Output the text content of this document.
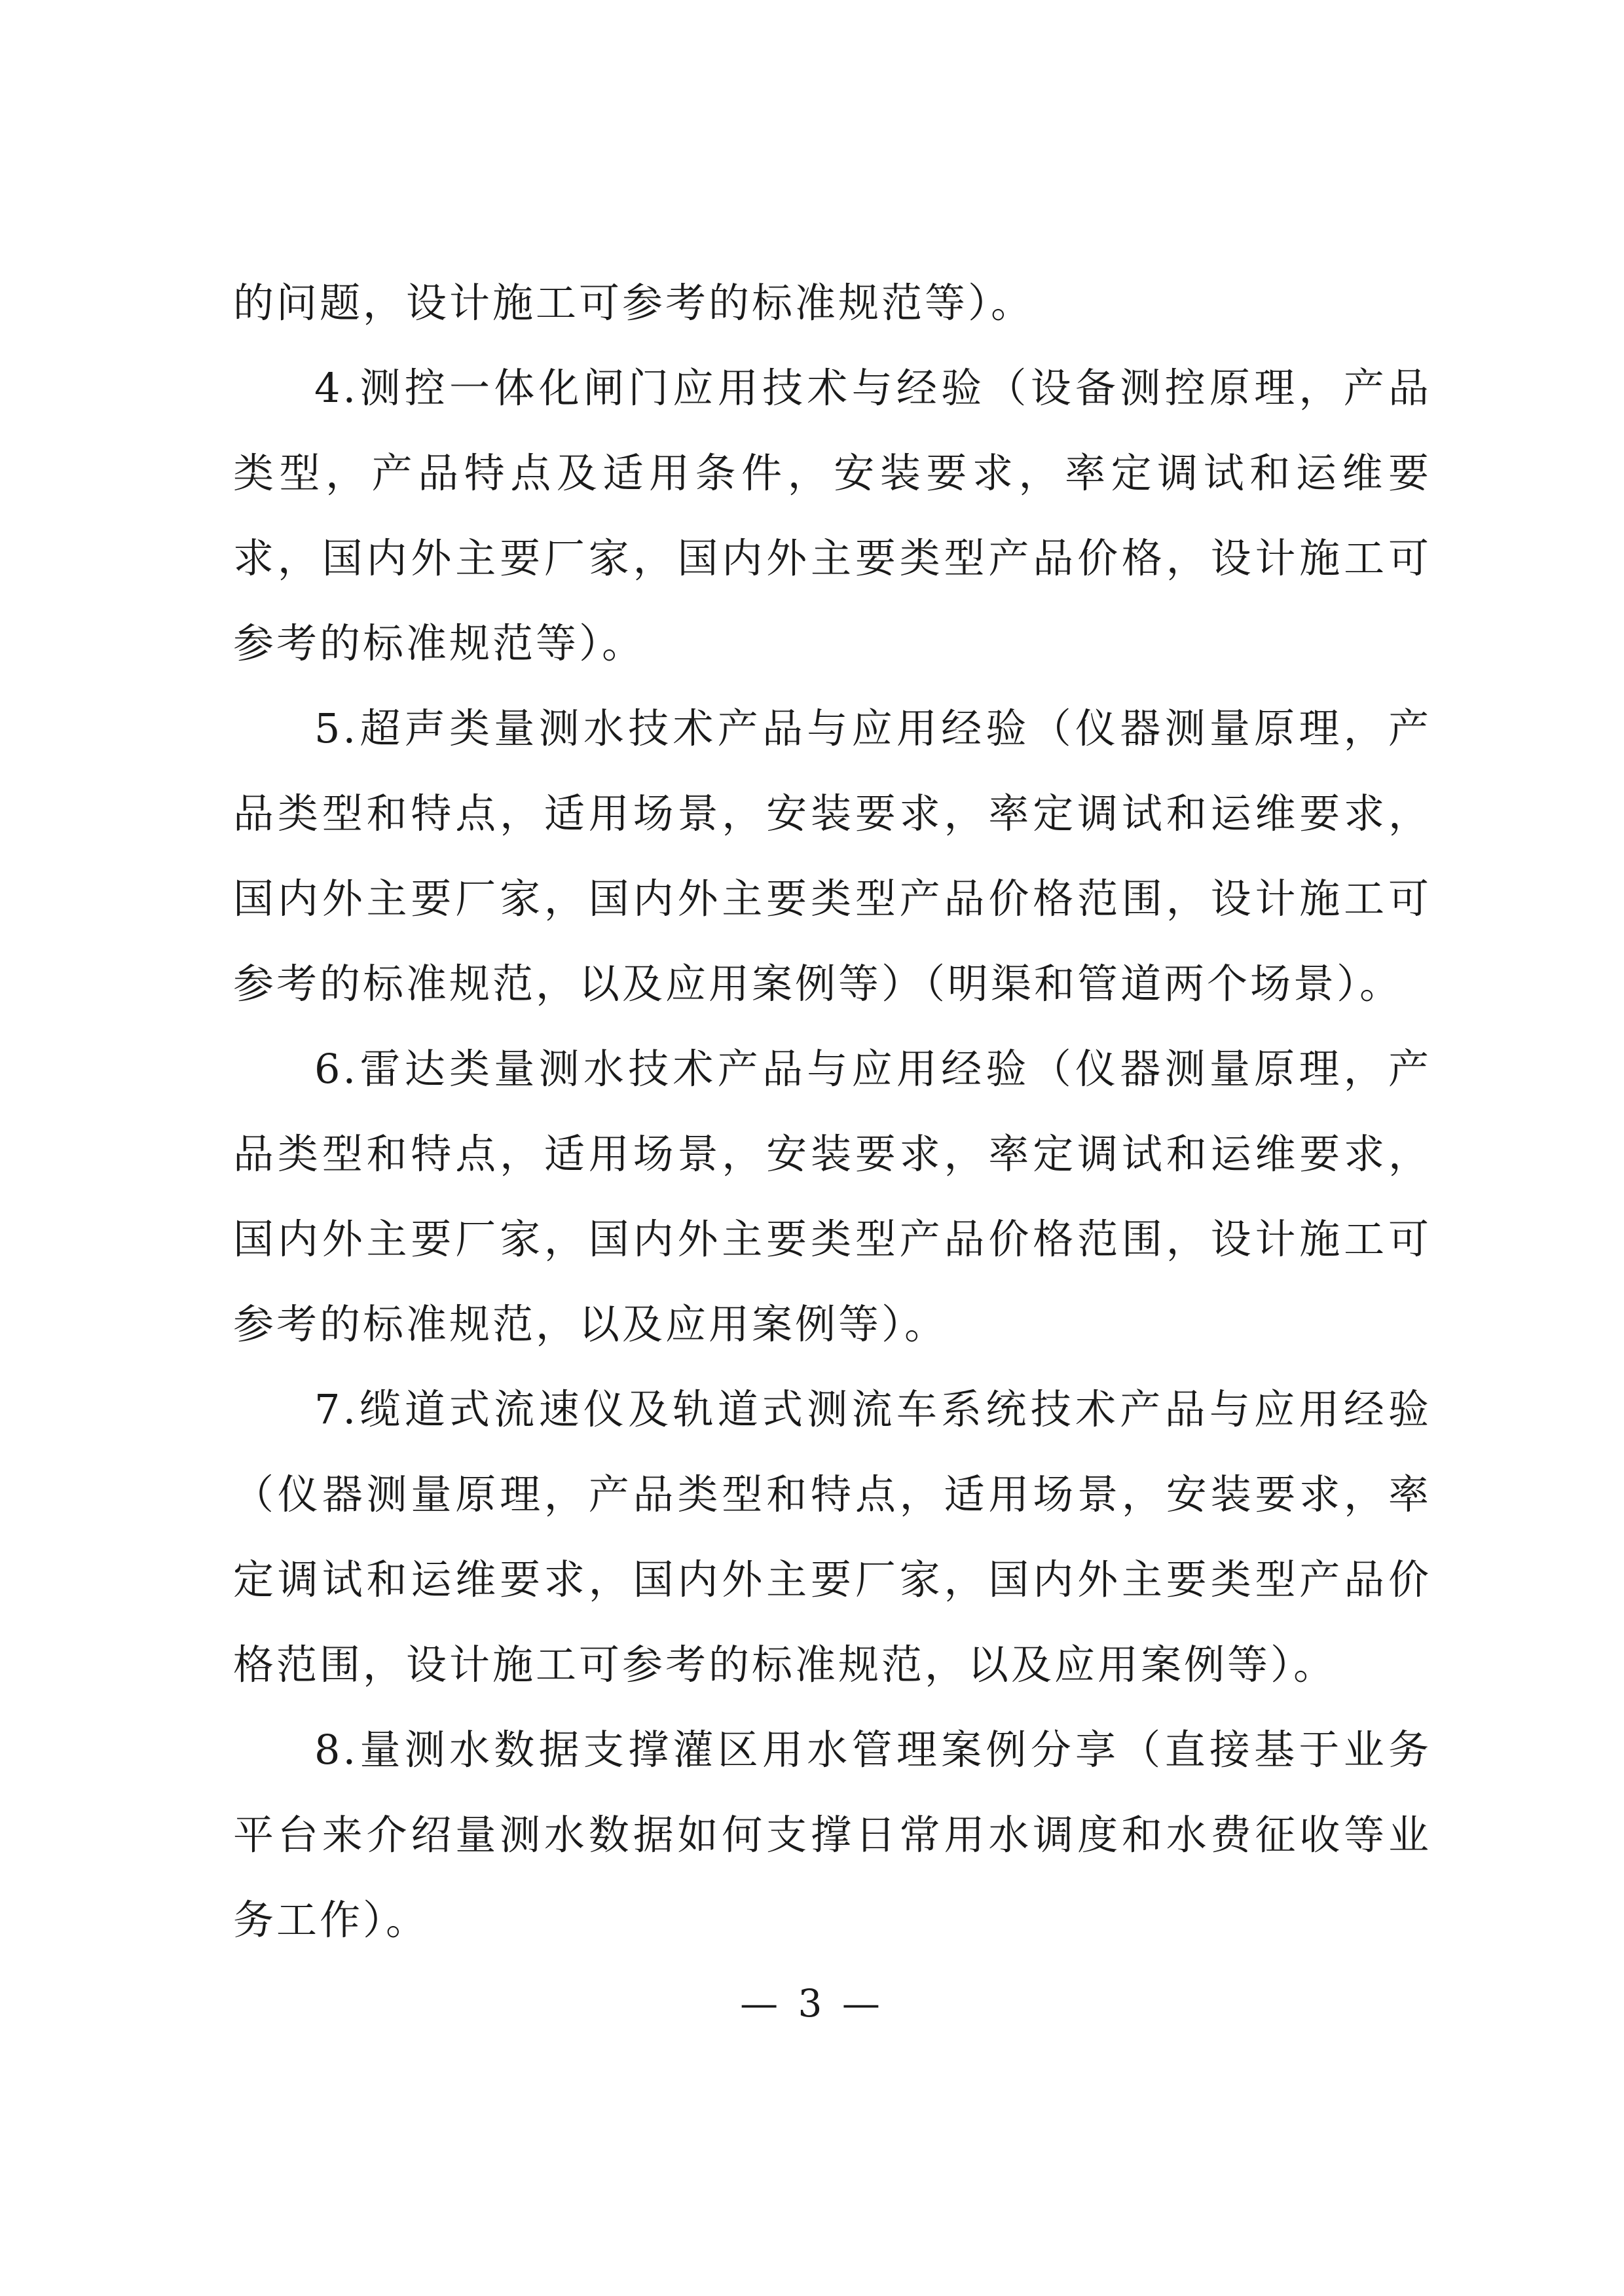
的问题，设计施工可参考的标准规范等）。

4.测控一体化闸门应用技术与经验（设备测控原理，产品类型，产品特点及适用条件，安装要求，率定调试和运维要求，国内外主要厂家，国内外主要类型产品价格，设计施工可参考的标准规范等）。

5.超声类量测水技术产品与应用经验（仪器测量原理，产品类型和特点，适用场景，安装要求，率定调试和运维要求，国内外主要厂家，国内外主要类型产品价格范围，设计施工可参考的标准规范，以及应用案例等）（明渠和管道两个场景）。

6.雷达类量测水技术产品与应用经验（仪器测量原理，产品类型和特点，适用场景，安装要求，率定调试和运维要求，国内外主要厂家，国内外主要类型产品价格范围，设计施工可参考的标准规范，以及应用案例等）。

7.缆道式流速仪及轨道式测流车系统技术产品与应用经验（仪器测量原理，产品类型和特点，适用场景，安装要求，率定调试和运维要求，国内外主要厂家，国内外主要类型产品价格范围，设计施工可参考的标准规范，以及应用案例等）。

8.量测水数据支撑灌区用水管理案例分享（直接基于业务平台来介绍量测水数据如何支撑日常用水调度和水费征收等业务工作）。

— 3 —
